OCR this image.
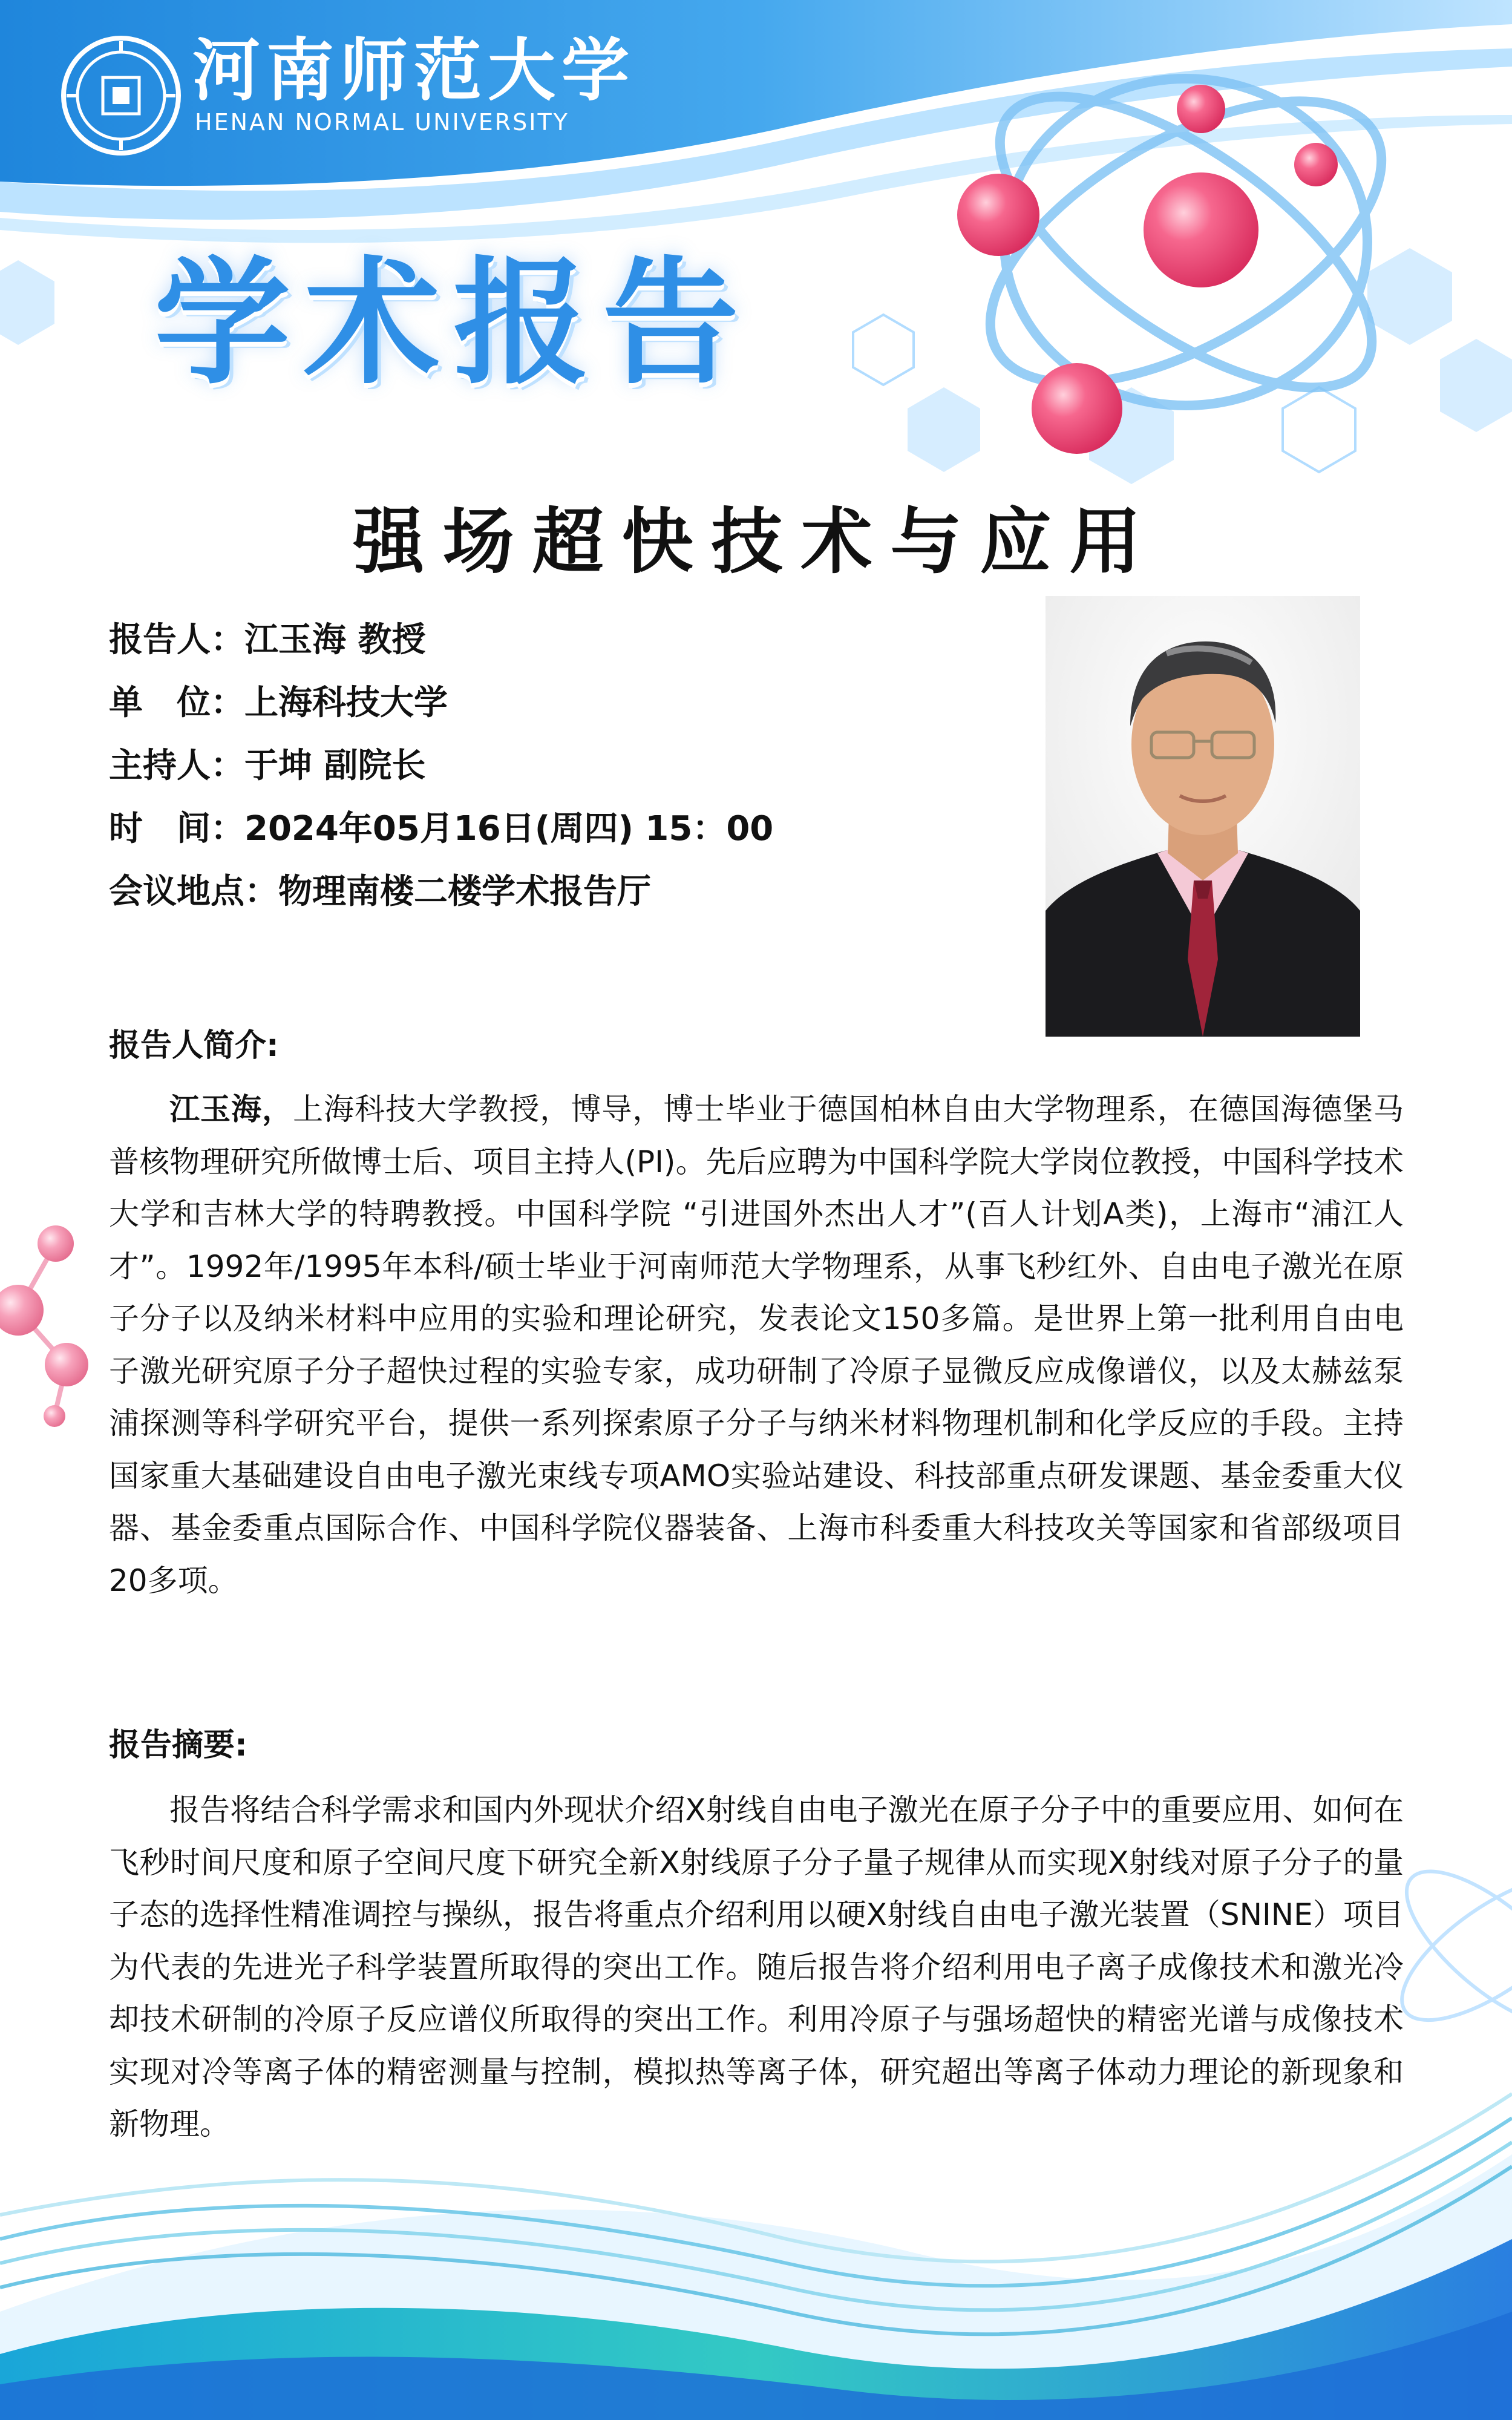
河南师范大学
HENAN NORMAL UNIVERSITY
学术报告
强场超快技术与应用
报告人：江玉海 教授
单　位：上海科技大学
主持人：于坤 副院长
时　间：2024年05月16日(周四) 15：00
会议地点：物理南楼二楼学术报告厅
报告人简介:
江玉海，上海科技大学教授，博导，博士毕业于德国柏林自由大学物理系，在德国海德堡马普核物理研究所做博士后、项目主持人(PI)。先后应聘为中国科学院大学岗位教授，中国科学技术大学和吉林大学的特聘教授。中国科学院 “引进国外杰出人才”(百人计划A类)，上海市“浦江人才”。1992年/1995年本科/硕士毕业于河南师范大学物理系，从事飞秒红外、自由电子激光在原子分子以及纳米材料中应用的实验和理论研究，发表论文150多篇。是世界上第一批利用自由电子激光研究原子分子超快过程的实验专家，成功研制了冷原子显微反应成像谱仪，以及太赫兹泵浦探测等科学研究平台，提供一系列探索原子分子与纳米材料物理机制和化学反应的手段。主持国家重大基础建设自由电子激光束线专项AMO实验站建设、科技部重点研发课题、基金委重大仪器、基金委重点国际合作、中国科学院仪器装备、上海市科委重大科技攻关等国家和省部级项目20多项。
报告摘要:
报告将结合科学需求和国内外现状介绍X射线自由电子激光在原子分子中的重要应用、如何在飞秒时间尺度和原子空间尺度下研究全新X射线原子分子量子规律从而实现X射线对原子分子的量子态的选择性精准调控与操纵，报告将重点介绍利用以硬X射线自由电子激光装置（SNINE）项目为代表的先进光子科学装置所取得的突出工作。随后报告将介绍利用电子离子成像技术和激光冷却技术研制的冷原子反应谱仪所取得的突出工作。利用冷原子与强场超快的精密光谱与成像技术实现对冷等离子体的精密测量与控制，模拟热等离子体，研究超出等离子体动力理论的新现象和新物理。
